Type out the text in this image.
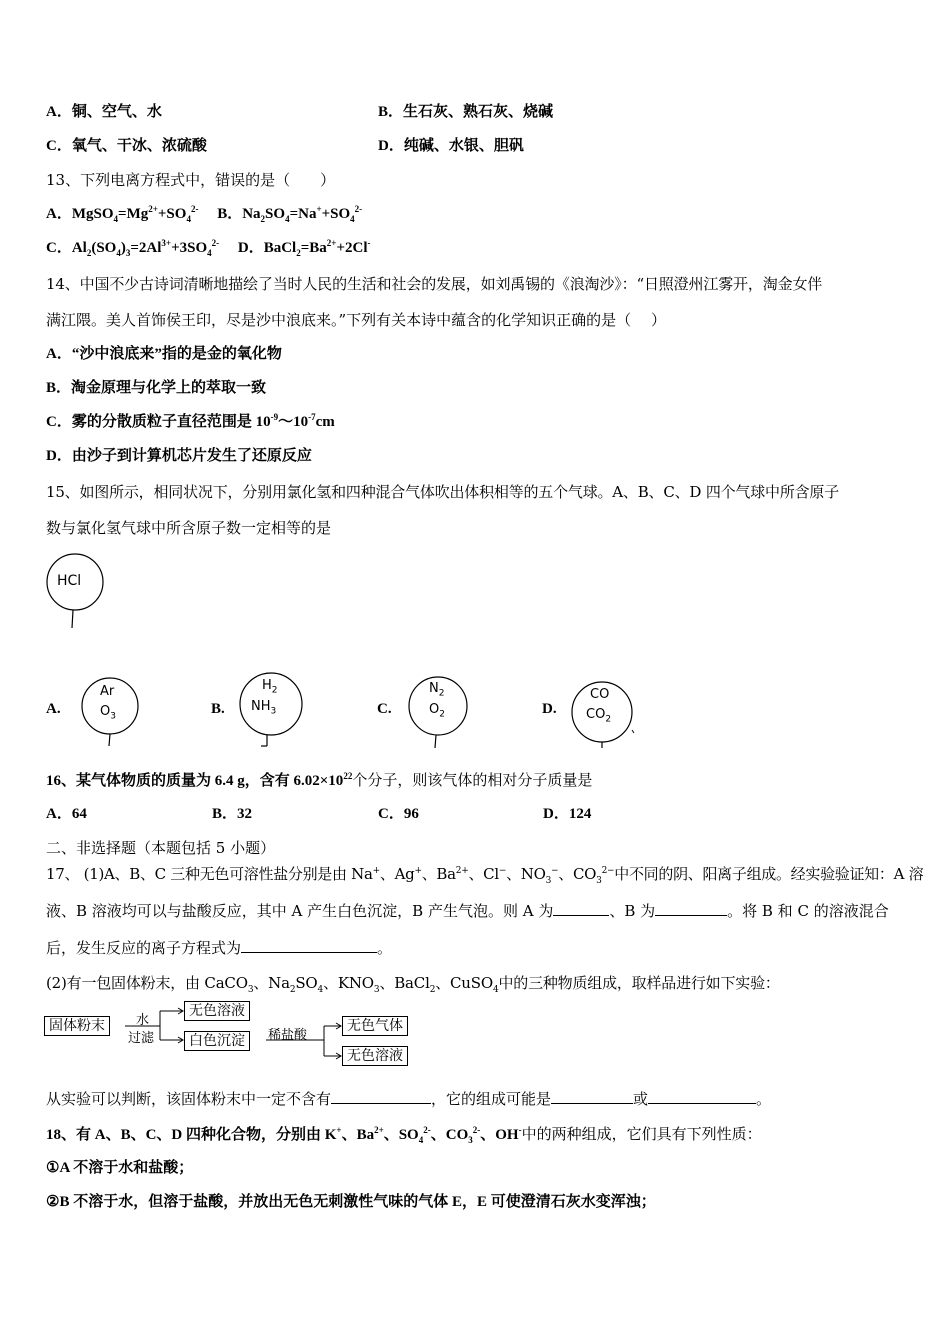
A．铜、空气、水	B．生石灰、熟石灰、烧碱
C．氧气、干冰、浓硫酸	D．纯碱、水银、胆矾
13、下列电离方程式中，错误的是（　　）
A．$MgSO_4=Mg^{2+}+SO_4^{2-}$ B．$Na_2SO_4=Na^++SO_4^{2-}$
C．$Al_2(SO_4)_3=2Al^{3+}+3SO_4^{2-}$ D．$BaCl_2=Ba^{2+}+2Cl^-$
14、中国不少古诗词清晰地描绘了当时人民的生活和社会的发展，如刘禹锡的《浪淘沙》：“日照澄州江雾开，淘金女伴
满江隈。美人首饰侯王印，尽是沙中浪底来。”下列有关本诗中蕴含的化学知识正确的是（　 ）
A．“沙中浪底来”指的是金的氧化物
B．淘金原理与化学上的萃取一致
C．雾的分散质粒子直径范围是 $10^{-9}\sim 10^{-7}cm$
D．由沙子到计算机芯片发生了还原反应
15、如图所示，相同状况下，分别用氯化氢和四种混合气体吹出体积相等的五个气球。A、B、C、D 四个气球中所含原子
数与氯化氢气球中所含原子数一定相等的是
HCl
A.
Ar
$O_3$	B.
$H_2$
$NH_3$	C.
$N_2$
$O_2$	D.
CO
$CO_2$
16、某气体物质的质量为 6.4 g，含有 $6.02\times 10^{22}$个分子，则该气体的相对分子质量是
A．64	B．32	C．96	D．124
二、非选择题（本题包括 5 小题）
17、 (1)A、B、C 三种无色可溶性盐分别是由 Na+、Ag+、$Ba^{2+}$、Cl−、$NO_3^-$、$CO_3^{2-}$中不同的阴、阳离子组成。经实验验证知：A 溶
液、B 溶液均可以与盐酸反应，其中 A 产生白色沉淀，B 产生气泡。则 A 为	、B 为	。将 B 和 C 的溶液混合
后，发生反应的离子方程式为	。
(2)有一包固体粉末，由 CaCO$_3$、$Na_2SO_4$、$KNO_3$、BaCl$_2$、CuSO$_4$中的三种物质组成，取样品进行如下实验：
固体粉末	水
过滤
无色溶液
白色沉淀	稀盐酸
无色气体
无色溶液
从实验可以判断，该固体粉末中一定不含有	，它的组成可能是	或	。
18、有 A、B、C、D 四种化合物，分别由 K+、$Ba^{2+}$、$SO_4^{2-}$、$CO_3^{2-}$、OH-中的两种组成，它们具有下列性质：
①A 不溶于水和盐酸；
②B 不溶于水，但溶于盐酸，并放出无色无刺激性气味的气体 E，E 可使澄清石灰水变浑浊；
